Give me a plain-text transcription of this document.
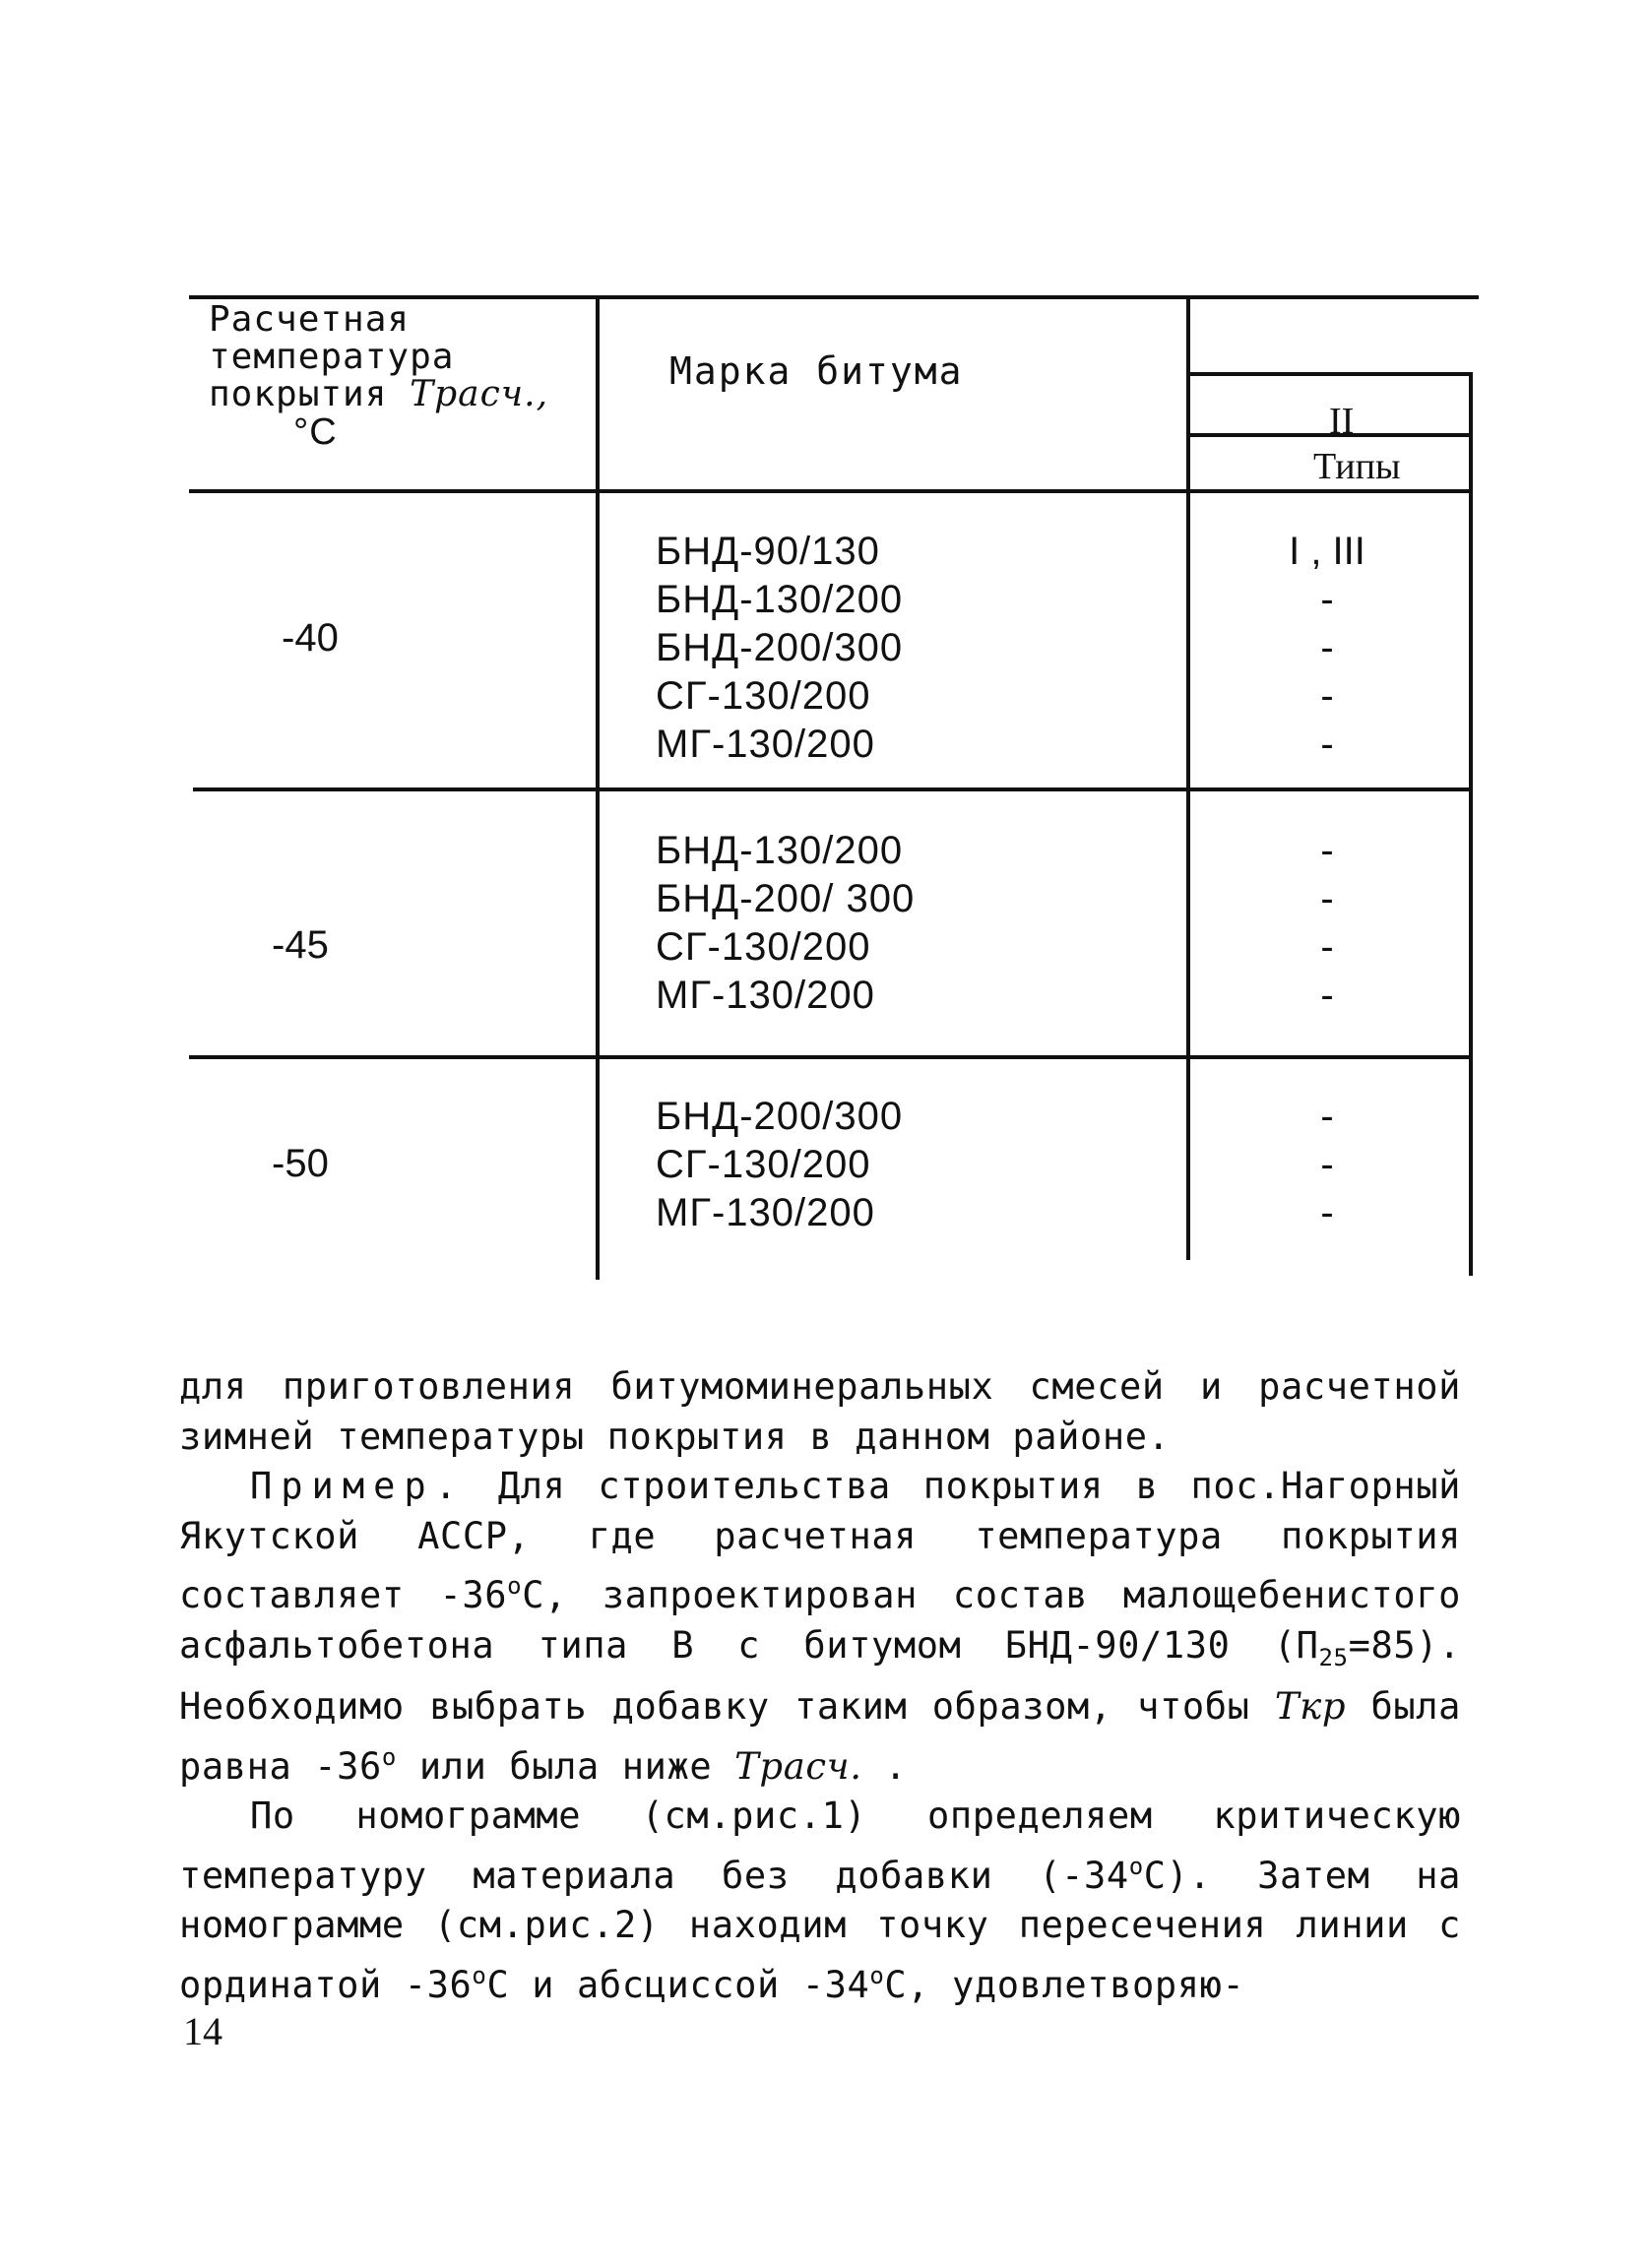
Расчетная
температура
покрытия Tрасч.,
°С
Марка битума
II
Типы
-40
БНД-90/130
БНД-130/200
БНД-200/300
СГ-130/200
МГ-130/200
I , III
-
-
-
-
-45
БНД-130/200
БНД-200/ 300
СГ-130/200
МГ-130/200
-
-
-
-
-50
БНД-200/300
СГ-130/200
МГ-130/200
-
-
-

для приготовления битумоминеральных смесей и расчетной зимней температуры покрытия в данном районе.

Пример. Для строительства покрытия в пос.Нагорный Якутской АССР, где расчетная температура покрытия составляет -36$^o$С, запроектирован состав малощебенистого асфальтобетона типа В с битумом БНД-90/130 $(П_{25}=85)$. Необходимо выбрать добавку таким образом, чтобы Tкр была равна -36$^o$ или была ниже Tрасч. .

По номограмме (см.рис.1) определяем критическую температуру материала без добавки (-34$^o$С). Затем на номограмме (см.рис.2) находим точку пересечения линии с ординатой -36$^o$С и абсциссой -34$^o$С, удовлетворяю-

14
